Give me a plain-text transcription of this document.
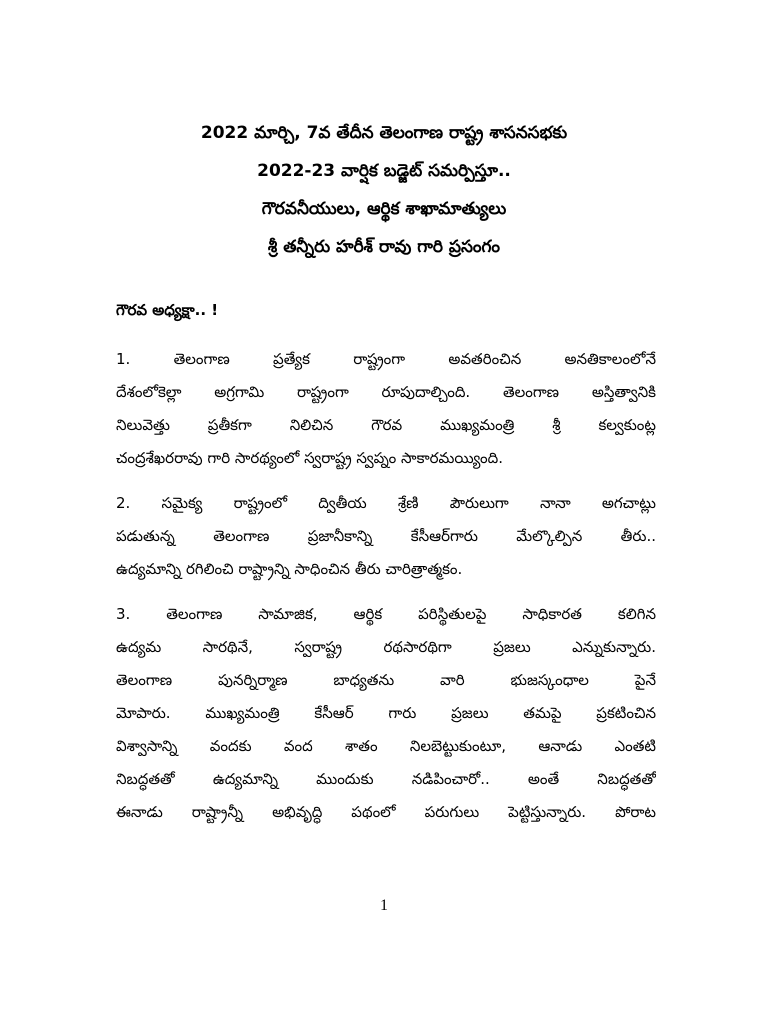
2022 మార్చి, 7వ తేదీన తెలంగాణ రాష్ట్ర శాసనసభకు
2022-23 వార్షిక బడ్జెట్ సమర్పిస్తూ..
గౌరవనీయులు, ఆర్థిక శాఖామాత్యులు
శ్రీ తన్నీరు హరీశ్ రావు గారి ప్రసంగం
గౌరవ అధ్యక్షా.. !
1. తెలంగాణ ప్రత్యేక రాష్ట్రంగా అవతరించిన అనతికాలంలోనే
దేశంలోకెల్లా అగ్రగామి రాష్ట్రంగా రూపుదాల్చింది. తెలంగాణ అస్తిత్వానికి
నిలువెత్తు ప్రతీకగా నిలిచిన గౌరవ ముఖ్యమంత్రి శ్రీ కల్వకుంట్ల
చంద్రశేఖరరావు గారి సారథ్యంలో స్వరాష్ట్ర స్వప్నం సాకారమయ్యింది.
2. సమైక్య రాష్ట్రంలో ద్వితీయ శ్రేణి పౌరులుగా నానా అగచాట్లు
పడుతున్న తెలంగాణ ప్రజానీకాన్ని కేసీఆర్‌గారు మేల్కొల్పిన తీరు..
ఉద్యమాన్ని రగిలించి రాష్ట్రాన్ని సాధించిన తీరు చారిత్రాత్మకం.
3. తెలంగాణ సామాజిక, ఆర్థిక పరిస్థితులపై సాధికారత కలిగిన
ఉద్యమ సారథినే, స్వరాష్ట్ర రథసారథిగా ప్రజలు ఎన్నుకున్నారు.
తెలంగాణ పునర్నిర్మాణ బాధ్యతను వారి భుజస్కంధాల పైనే
మోపారు. ముఖ్యమంత్రి కేసీఆర్ గారు ప్రజలు తమపై ప్రకటించిన
విశ్వాసాన్ని వందకు వంద శాతం నిలబెట్టుకుంటూ, ఆనాడు ఎంతటి
నిబద్ధతతో ఉద్యమాన్ని ముందుకు నడిపించారో.. అంతే నిబద్ధతతో
ఈనాడు రాష్ట్రాన్నీ అభివృద్ధి పథంలో పరుగులు పెట్టిస్తున్నారు. పోరాట
1
